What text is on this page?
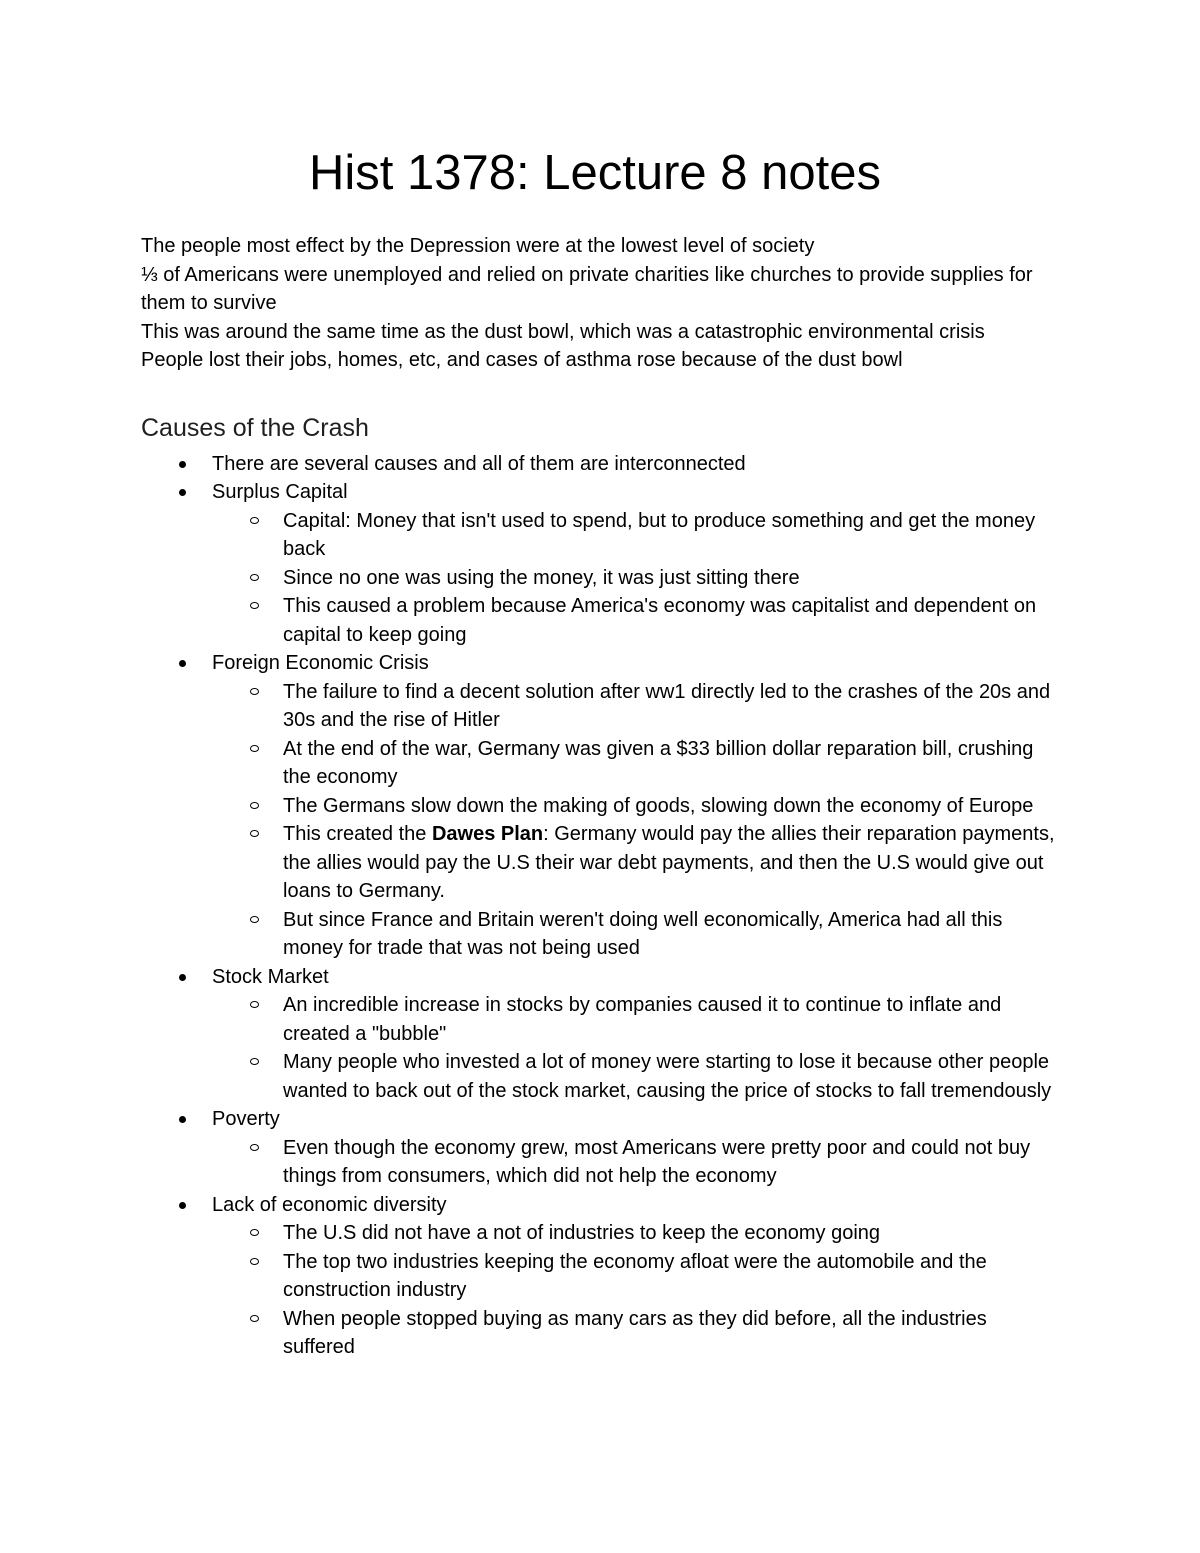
Hist 1378: Lecture 8 notes

The people most effect by the Depression were at the lowest level of society

⅓ of Americans were unemployed and relied on private charities like churches to provide supplies for them to survive

This was around the same time as the dust bowl, which was a catastrophic environmental crisis

People lost their jobs, homes, etc, and cases of asthma rose because of the dust bowl

Causes of the Crash
There are several causes and all of them are interconnected
Surplus Capital
Capital: Money that isn't used to spend, but to produce something and get the money back
Since no one was using the money, it was just sitting there
This caused a problem because America's economy was capitalist and dependent on capital to keep going
Foreign Economic Crisis
The failure to find a decent solution after ww1 directly led to the crashes of the 20s and 30s and the rise of Hitler
At the end of the war, Germany was given a $33 billion dollar reparation bill, crushing the economy
The Germans slow down the making of goods, slowing down the economy of Europe
This created the Dawes Plan: Germany would pay the allies their reparation payments, the allies would pay the U.S their war debt payments, and then the U.S would give out loans to Germany.
But since France and Britain weren't doing well economically, America had all this money for trade that was not being used
Stock Market
An incredible increase in stocks by companies caused it to continue to inflate and created a "bubble"
Many people who invested a lot of money were starting to lose it because other people wanted to back out of the stock market, causing the price of stocks to fall tremendously
Poverty
Even though the economy grew, most Americans were pretty poor and could not buy things from consumers, which did not help the economy
Lack of economic diversity
The U.S did not have a not of industries to keep the economy going
The top two industries keeping the economy afloat were the automobile and the construction industry
When people stopped buying as many cars as they did before, all the industries suffered
